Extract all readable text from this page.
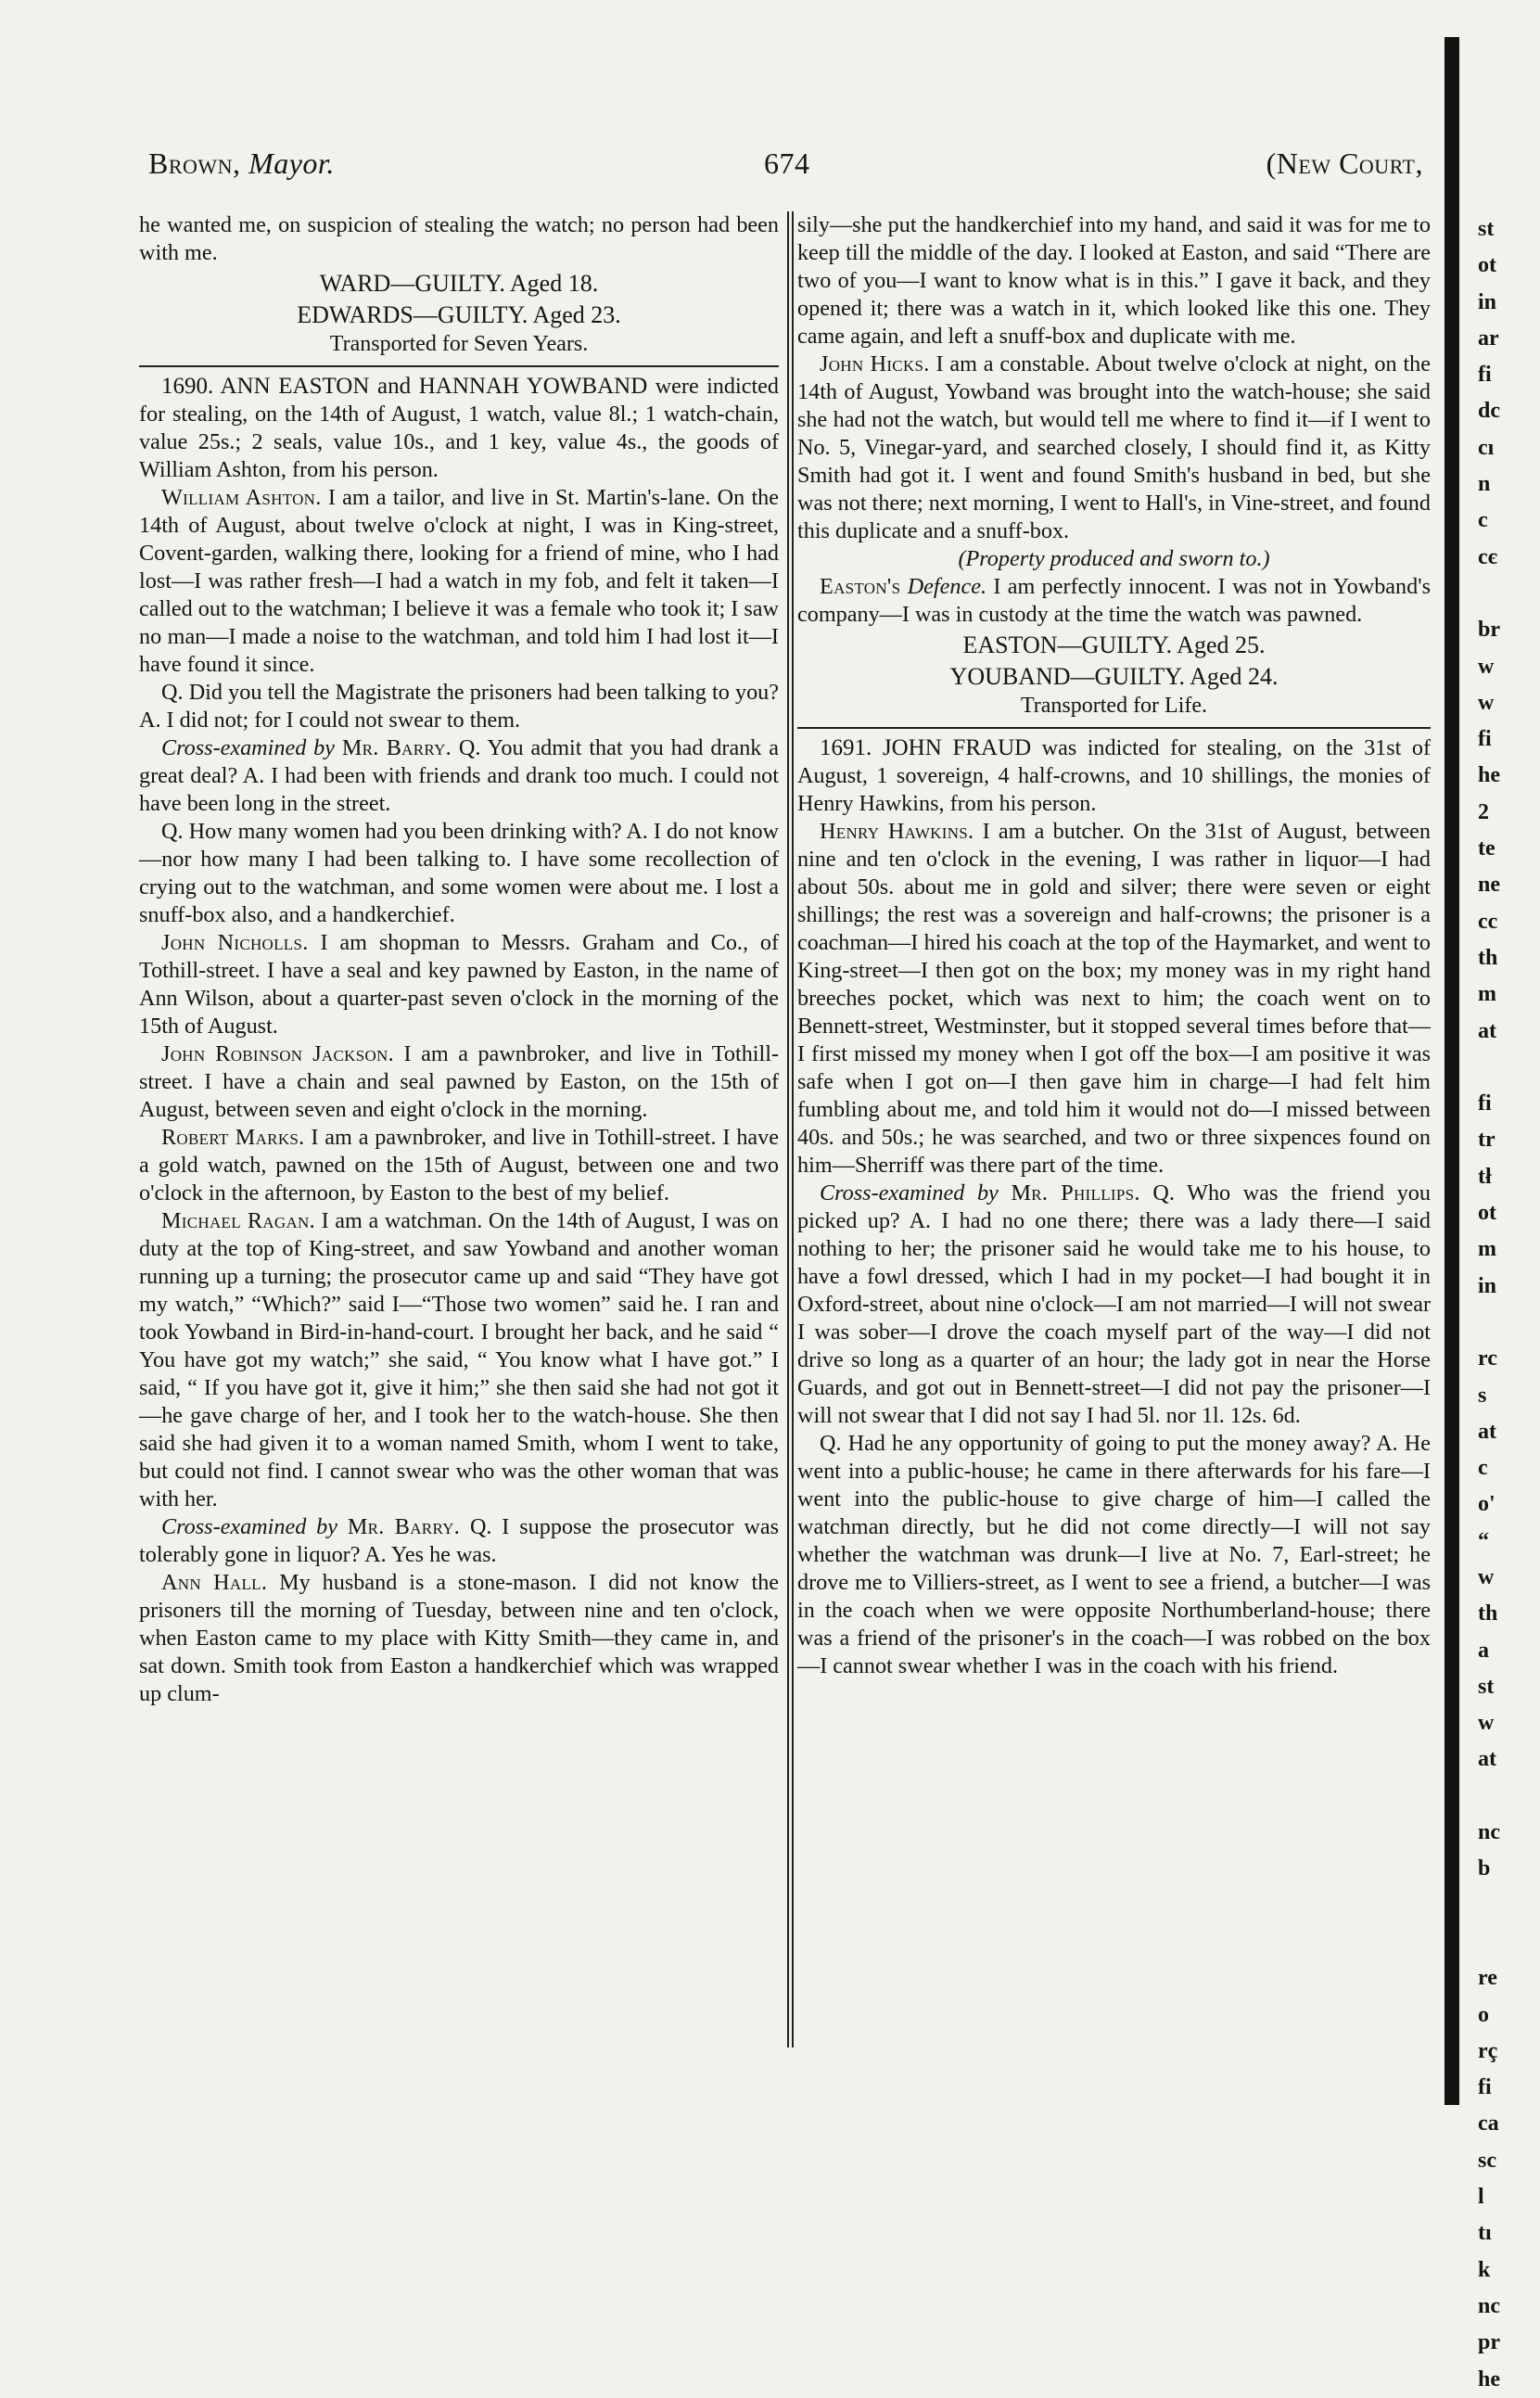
Brown, Mayor.	674	(New Court,

he wanted me, on suspicion of stealing the watch; no person had been with me.

WARD—GUILTY. Aged 18.

EDWARDS—GUILTY. Aged 23.

Transported for Seven Years.

1690. ANN EASTON and HANNAH YOWBAND were indicted for stealing, on the 14th of August, 1 watch, value 8l.; 1 watch-chain, value 25s.; 2 seals, value 10s., and 1 key, value 4s., the goods of William Ashton, from his person.

William Ashton. I am a tailor, and live in St. Martin's-lane. On the 14th of August, about twelve o'clock at night, I was in King-street, Covent-garden, walking there, looking for a friend of mine, who I had lost—I was rather fresh—I had a watch in my fob, and felt it taken—I called out to the watchman; I believe it was a female who took it; I saw no man—I made a noise to the watchman, and told him I had lost it—I have found it since.

Q. Did you tell the Magistrate the prisoners had been talking to you? A. I did not; for I could not swear to them.

Cross-examined by Mr. Barry. Q. You admit that you had drank a great deal? A. I had been with friends and drank too much. I could not have been long in the street.

Q. How many women had you been drinking with? A. I do not know—nor how many I had been talking to. I have some recollection of crying out to the watchman, and some women were about me. I lost a snuff-box also, and a handkerchief.

John Nicholls. I am shopman to Messrs. Graham and Co., of Tothill-street. I have a seal and key pawned by Easton, in the name of Ann Wilson, about a quarter-past seven o'clock in the morning of the 15th of August.

John Robinson Jackson. I am a pawnbroker, and live in Tothill-street. I have a chain and seal pawned by Easton, on the 15th of August, between seven and eight o'clock in the morning.

Robert Marks. I am a pawnbroker, and live in Tothill-street. I have a gold watch, pawned on the 15th of August, between one and two o'clock in the afternoon, by Easton to the best of my belief.

Michael Ragan. I am a watchman. On the 14th of August, I was on duty at the top of King-street, and saw Yowband and another woman running up a turning; the prosecutor came up and said “They have got my watch,” “Which?” said I—“Those two women” said he. I ran and took Yowband in Bird-in-hand-court. I brought her back, and he said “ You have got my watch;” she said, “ You know what I have got.” I said, “ If you have got it, give it him;” she then said she had not got it—he gave charge of her, and I took her to the watch-house. She then said she had given it to a woman named Smith, whom I went to take, but could not find. I cannot swear who was the other woman that was with her.

Cross-examined by Mr. Barry. Q. I suppose the prosecutor was tolerably gone in liquor? A. Yes he was.

Ann Hall. My husband is a stone-mason. I did not know the prisoners till the morning of Tuesday, between nine and ten o'clock, when Easton came to my place with Kitty Smith—they came in, and sat down. Smith took from Easton a handkerchief which was wrapped up clum-

sily—she put the handkerchief into my hand, and said it was for me to keep till the middle of the day. I looked at Easton, and said “There are two of you—I want to know what is in this.” I gave it back, and they opened it; there was a watch in it, which looked like this one. They came again, and left a snuff-box and duplicate with me.

John Hicks. I am a constable. About twelve o'clock at night, on the 14th of August, Yowband was brought into the watch-house; she said she had not the watch, but would tell me where to find it—if I went to No. 5, Vinegar-yard, and searched closely, I should find it, as Kitty Smith had got it. I went and found Smith's husband in bed, but she was not there; next morning, I went to Hall's, in Vine-street, and found this duplicate and a snuff-box.

(Property produced and sworn to.)

Easton's Defence. I am perfectly innocent. I was not in Yowband's company—I was in custody at the time the watch was pawned.

EASTON—GUILTY. Aged 25.

YOUBAND—GUILTY. Aged 24.

Transported for Life.

1691. JOHN FRAUD was indicted for stealing, on the 31st of August, 1 sovereign, 4 half-crowns, and 10 shillings, the monies of Henry Hawkins, from his person.

Henry Hawkins. I am a butcher. On the 31st of August, between nine and ten o'clock in the evening, I was rather in liquor—I had about 50s. about me in gold and silver; there were seven or eight shillings; the rest was a sovereign and half-crowns; the prisoner is a coachman—I hired his coach at the top of the Haymarket, and went to King-street—I then got on the box; my money was in my right hand breeches pocket, which was next to him; the coach went on to Bennett-street, Westminster, but it stopped several times before that—I first missed my money when I got off the box—I am positive it was safe when I got on—I then gave him in charge—I had felt him fumbling about me, and told him it would not do—I missed between 40s. and 50s.; he was searched, and two or three sixpences found on him—Sherriff was there part of the time.

Cross-examined by Mr. Phillips. Q. Who was the friend you picked up? A. I had no one there; there was a lady there—I said nothing to her; the prisoner said he would take me to his house, to have a fowl dressed, which I had in my pocket—I had bought it in Oxford-street, about nine o'clock—I am not married—I will not swear I was sober—I drove the coach myself part of the way—I did not drive so long as a quarter of an hour; the lady got in near the Horse Guards, and got out in Bennett-street—I did not pay the prisoner—I will not swear that I did not say I had 5l. nor 1l. 12s. 6d.

Q. Had he any opportunity of going to put the money away? A. He went into a public-house; he came in there afterwards for his fare—I went into the public-house to give charge of him—I called the watchman directly, but he did not come directly—I will not say whether the watchman was drunk—I live at No. 7, Earl-street; he drove me to Villiers-street, as I went to see a friend, a butcher—I was in the coach when we were opposite Northumberland-house; there was a friend of the prisoner's in the coach—I was robbed on the box—I cannot swear whether I was in the coach with his friend.

st
ot
in
ar
fi
dc
cı
n
c
cє

br
w
w
fi
he
2
te
ne
cc
th
m
at

fi
tr
tł
ot
m
in

rc
s
at
c
o'
“
w
th
a
st
w
at

nc
b

re
o
rç
fi
ca
sc
l
tı
k
nc
pr
he
